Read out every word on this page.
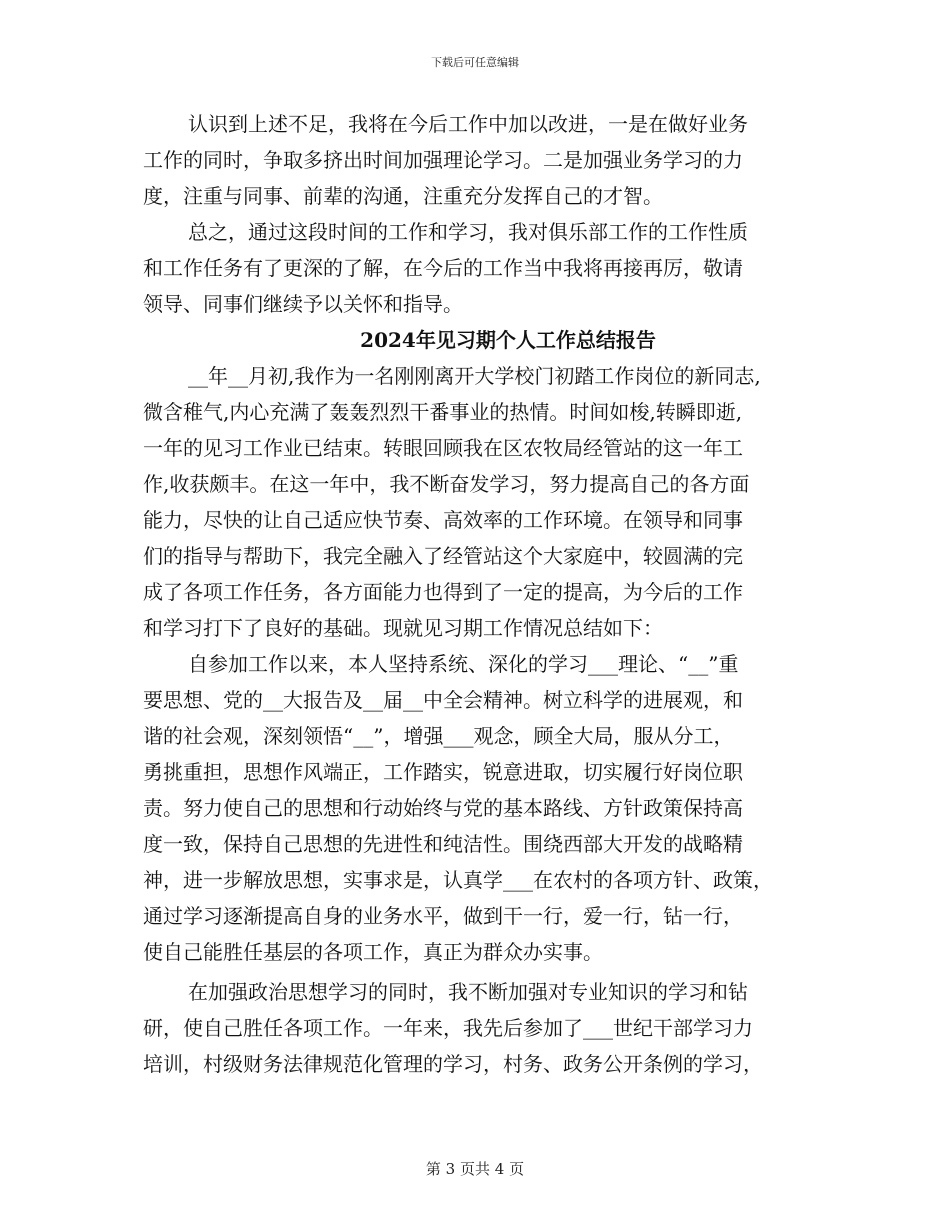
下载后可任意编辑
认识到上述不足，我将在今后工作中加以改进，一是在做好业务
工作的同时，争取多挤出时间加强理论学习。二是加强业务学习的力
度，注重与同事、前辈的沟通，注重充分发挥自己的才智。
总之，通过这段时间的工作和学习，我对俱乐部工作的工作性质
和工作任务有了更深的了解，在今后的工作当中我将再接再厉，敬请
领导、同事们继续予以关怀和指导。
2024年见习期个人工作总结报告
__年__月初,我作为一名刚刚离开大学校门初踏工作岗位的新同志,
微含稚气,内心充满了轰轰烈烈干番事业的热情。时间如梭,转瞬即逝,
一年的见习工作业已结束。转眼回顾我在区农牧局经管站的这一年工
作,收获颇丰。在这一年中，我不断奋发学习，努力提高自己的各方面
能力，尽快的让自己适应快节奏、高效率的工作环境。在领导和同事
们的指导与帮助下，我完全融入了经管站这个大家庭中，较圆满的完
成了各项工作任务，各方面能力也得到了一定的提高，为今后的工作
和学习打下了良好的基础。现就见习期工作情况总结如下：
自参加工作以来，本人坚持系统、深化的学习___理论、“__”重
要思想、党的__大报告及__届__中全会精神。树立科学的进展观，和
谐的社会观，深刻领悟“__”，增强___观念，顾全大局，服从分工，
勇挑重担，思想作风端正，工作踏实，锐意进取，切实履行好岗位职
责。努力使自己的思想和行动始终与党的基本路线、方针政策保持高
度一致，保持自己思想的先进性和纯洁性。围绕西部大开发的战略精
神，进一步解放思想，实事求是，认真学___在农村的各项方针、政策，
通过学习逐渐提高自身的业务水平，做到干一行，爱一行，钻一行，
使自己能胜任基层的各项工作，真正为群众办实事。
在加强政治思想学习的同时，我不断加强对专业知识的学习和钻
研，使自己胜任各项工作。一年来，我先后参加了___世纪干部学习力
培训，村级财务法律规范化管理的学习，村务、政务公开条例的学习，
第 3 页共 4 页
